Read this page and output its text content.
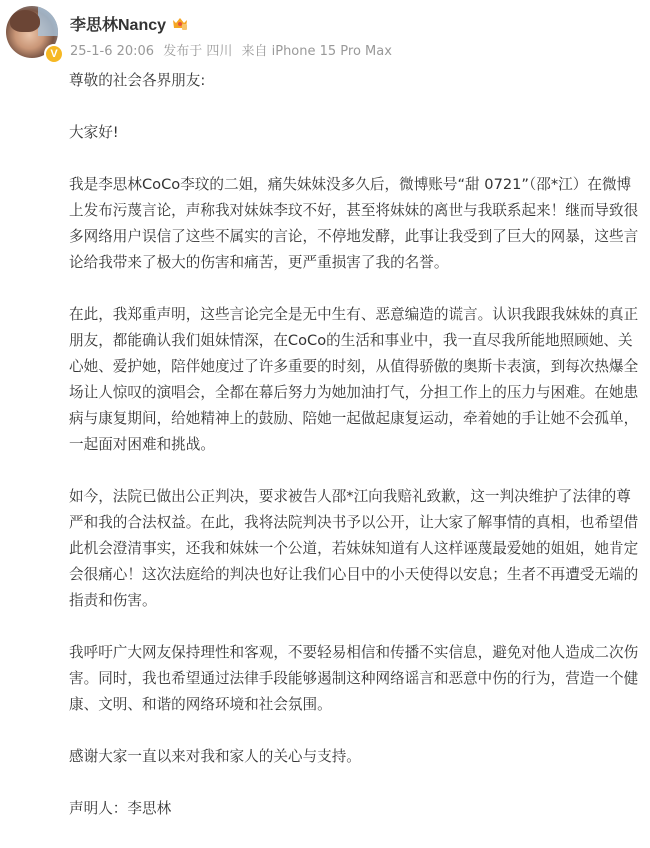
V
李思林Nancy
25-1-6 20:06 发布于 四川 来自 iPhone 15 Pro Max

尊敬的社会各界朋友:

大家好!

我是李思林CoCo李玟的二姐，痛失妹妹没多久后，微博账号“甜 0721”（邵*江）在微博上发布污蔑言论，声称我对妹妹李玟不好，甚至将妹妹的离世与我联系起来！继而导致很多网络用户误信了这些不属实的言论，不停地发酵，此事让我受到了巨大的网暴，这些言论给我带来了极大的伤害和痛苦，更严重损害了我的名誉。

在此，我郑重声明，这些言论完全是无中生有、恶意编造的谎言。认识我跟我妹妹的真正朋友，都能确认我们姐妹情深，在CoCo的生活和事业中，我一直尽我所能地照顾她、关心她、爱护她，陪伴她度过了许多重要的时刻，从值得骄傲的奥斯卡表演，到每次热爆全场让人惊叹的演唱会，全都在幕后努力为她加油打气，分担工作上的压力与困难。在她患病与康复期间，给她精神上的鼓励、陪她一起做起康复运动，牵着她的手让她不会孤单，一起面对困难和挑战。

如今，法院已做出公正判决，要求被告人邵*江向我赔礼致歉，这一判决维护了法律的尊严和我的合法权益。在此，我将法院判决书予以公开，让大家了解事情的真相，也希望借此机会澄清事实，还我和妹妹一个公道，若妹妹知道有人这样诬蔑最爱她的姐姐，她肯定会很痛心！这次法庭给的判决也好让我们心目中的小天使得以安息；生者不再遭受无端的指责和伤害。

我呼吁广大网友保持理性和客观，不要轻易相信和传播不实信息，避免对他人造成二次伤害。同时，我也希望通过法律手段能够遏制这种网络谣言和恶意中伤的行为，营造一个健康、文明、和谐的网络环境和社会氛围。

感谢大家一直以来对我和家人的关心与支持。

声明人：李思林
